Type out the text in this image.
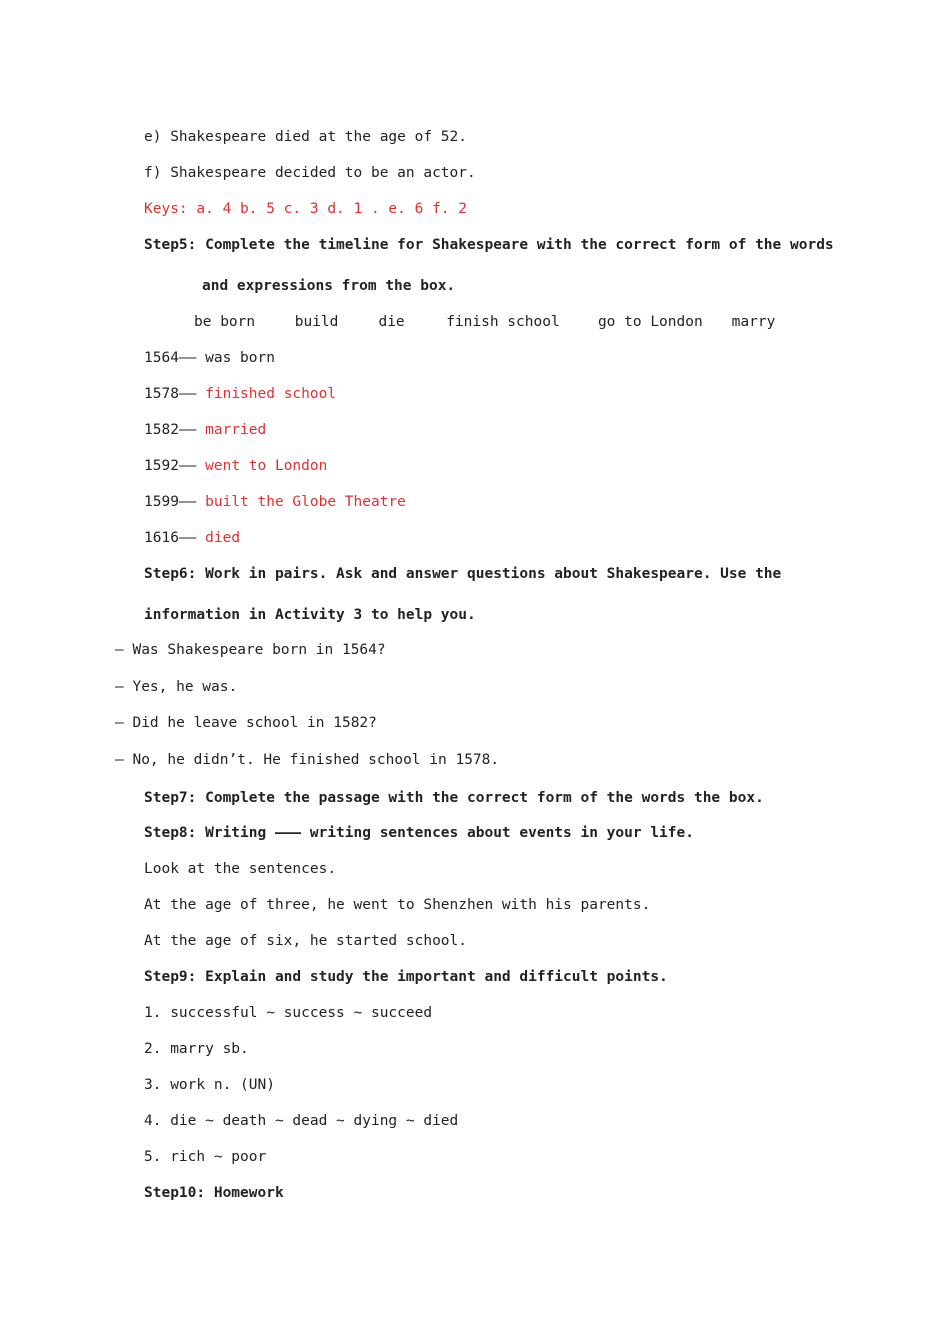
e) Shakespeare died at the age of 52.
f) Shakespeare decided to be an actor.
Keys: a. 4 b. 5 c. 3 d. 1 . e. 6 f. 2
Step5: Complete the timeline for Shakespeare with the correct form of the words
and expressions from the box.
be born	build	die	finish school	go to London marry
1564—— was born
1578—— finished school
1582—— married
1592—— went to London
1599—— built the Globe Theatre
1616—— died
Step6: Work in pairs. Ask and answer questions about Shakespeare. Use the
information in Activity 3 to help you.
— Was Shakespeare born in 1564?
— Yes, he was.
— Did he leave school in 1582?
— No, he didn’t. He finished school in 1578.
Step7: Complete the passage with the correct form of the words the box.
Step8: Writing ——— writing sentences about events in your life.
Look at the sentences.
At the age of three, he went to Shenzhen with his parents.
At the age of six, he started school.
Step9: Explain and study the important and difficult points.
1. successful ~ success ~ succeed
2. marry sb.
3. work n. (UN)
4. die ~ death ~ dead ~ dying ~ died
5. rich ~ poor
Step10: Homework
